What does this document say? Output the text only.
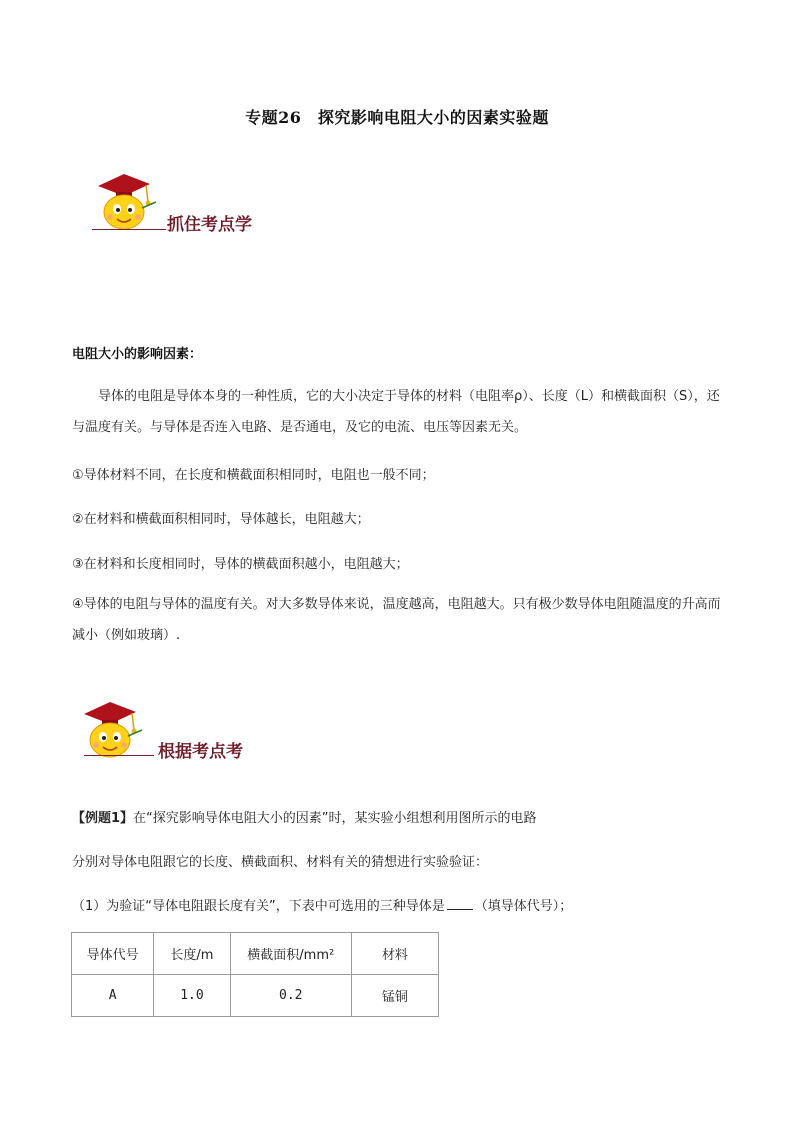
专题26　探究影响电阻大小的因素实验题
抓住考点学
电阻大小的影响因素：
导体的电阻是导体本身的一种性质，它的大小决定于导体的材料（电阻率ρ）、长度（L）和横截面积（S），还与温度有关。与导体是否连入电路、是否通电，及它的电流、电压等因素无关。
①导体材料不同，在长度和横截面积相同时，电阻也一般不同；
②在材料和横截面积相同时，导体越长，电阻越大；
③在材料和长度相同时，导体的横截面积越小，电阻越大；
④导体的电阻与导体的温度有关。对大多数导体来说，温度越高，电阻越大。只有极少数导体电阻随温度的升高而减小（例如玻璃）.
根据考点考
【例题1】在“探究影响导体电阻大小的因素”时，某实验小组想利用图所示的电路
分别对导体电阻跟它的长度、横截面积、材料有关的猜想进行实验验证：
（1）为验证“导体电阻跟长度有关”，下表中可选用的三种导体是 （填导体代号）；
导体代号	长度/m	横截面积/mm²	材料
A	1.0	0.2	锰铜
